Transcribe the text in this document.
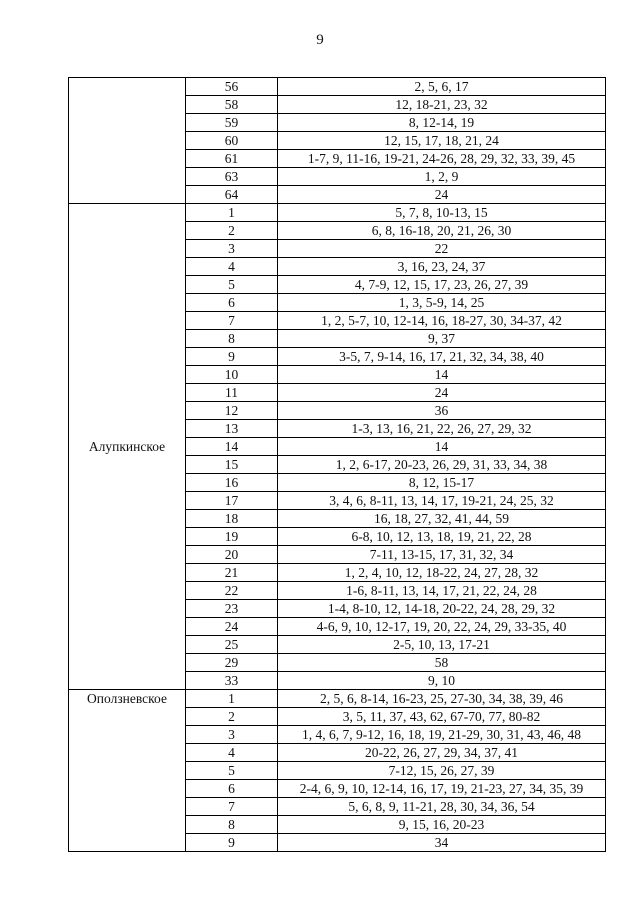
9
	56	2, 5, 6, 17
	58	12, 18-21, 23, 32
	59	8, 12-14, 19
	60	12, 15, 17, 18, 21, 24
	61	1-7, 9, 11-16, 19-21, 24-26, 28, 29, 32, 33, 39, 45
	63	1, 2, 9
	64	24
Алупкинское	1	5, 7, 8, 10-13, 15
	2	6, 8, 16-18, 20, 21, 26, 30
	3	22
	4	3, 16, 23, 24, 37
	5	4, 7-9, 12, 15, 17, 23, 26, 27, 39
	6	1, 3, 5-9, 14, 25
	7	1, 2, 5-7, 10, 12-14, 16, 18-27, 30, 34-37, 42
	8	9, 37
	9	3-5, 7, 9-14, 16, 17, 21, 32, 34, 38, 40
	10	14
	11	24
	12	36
	13	1-3, 13, 16, 21, 22, 26, 27, 29, 32
	14	14
	15	1, 2, 6-17, 20-23, 26, 29, 31, 33, 34, 38
	16	8, 12, 15-17
	17	3, 4, 6, 8-11, 13, 14, 17, 19-21, 24, 25, 32
	18	16, 18, 27, 32, 41, 44, 59
	19	6-8, 10, 12, 13, 18, 19, 21, 22, 28
	20	7-11, 13-15, 17, 31, 32, 34
	21	1, 2, 4, 10, 12, 18-22, 24, 27, 28, 32
	22	1-6, 8-11, 13, 14, 17, 21, 22, 24, 28
	23	1-4, 8-10, 12, 14-18, 20-22, 24, 28, 29, 32
	24	4-6, 9, 10, 12-17, 19, 20, 22, 24, 29, 33-35, 40
	25	2-5, 10, 13, 17-21
	29	58
	33	9, 10
Оползневское	1	2, 5, 6, 8-14, 16-23, 25, 27-30, 34, 38, 39, 46
	2	3, 5, 11, 37, 43, 62, 67-70, 77, 80-82
	3	1, 4, 6, 7, 9-12, 16, 18, 19, 21-29, 30, 31, 43, 46, 48
	4	20-22, 26, 27, 29, 34, 37, 41
	5	7-12, 15, 26, 27, 39
	6	2-4, 6, 9, 10, 12-14, 16, 17, 19, 21-23, 27, 34, 35, 39
	7	5, 6, 8, 9, 11-21, 28, 30, 34, 36, 54
	8	9, 15, 16, 20-23
	9	34
